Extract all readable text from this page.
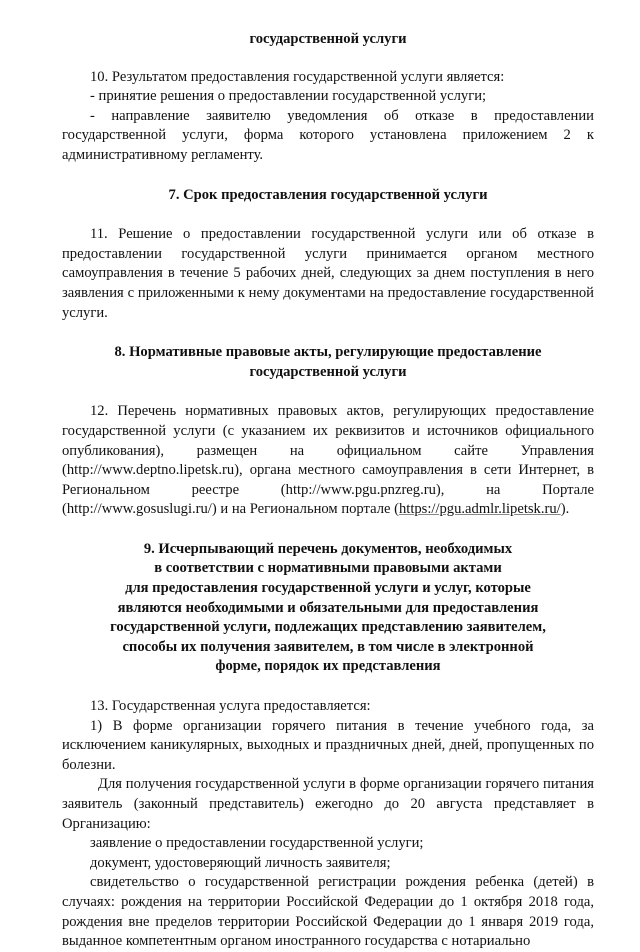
государственной услуги

10. Результатом предоставления государственной услуги является:

- принятие решения о предоставлении государственной услуги;

- направление заявителю уведомления об отказе в предоставлении государственной услуги, форма которого установлена приложением 2 к административному регламенту.

7. Срок предоставления государственной услуги

11. Решение о предоставлении государственной услуги или об отказе в предоставлении государственной услуги принимается органом местного самоуправления в течение 5 рабочих дней, следующих за днем поступления в него заявления с приложенными к нему документами на предоставление государственной услуги.

8. Нормативные правовые акты, регулирующие предоставление

государственной услуги

12. Перечень нормативных правовых актов, регулирующих предоставление государственной услуги (с указанием их реквизитов и источников официального опубликования), размещен на официальном сайте Управления (http://www.deptno.lipetsk.ru), органа местного самоуправления в сети Интернет, в Региональном реестре (http://www.pgu.pnzreg.ru), на Портале (http://www.gosuslugi.ru/) и на Региональном портале (https://pgu.admlr.lipetsk.ru/).

9. Исчерпывающий перечень документов, необходимых

в соответствии с нормативными правовыми актами

для предоставления государственной услуги и услуг, которые

являются необходимыми и обязательными для предоставления

государственной услуги, подлежащих представлению заявителем,

способы их получения заявителем, в том числе в электронной

форме, порядок их представления

13. Государственная услуга предоставляется:

1) В форме организации горячего питания в течение учебного года, за исключением каникулярных, выходных и праздничных дней, дней, пропущенных по болезни.

Для получения государственной услуги в форме организации горячего питания заявитель (законный представитель) ежегодно до 20 августа представляет в Организацию:

заявление о предоставлении государственной услуги;

документ, удостоверяющий личность заявителя;

свидетельство о государственной регистрации рождения ребенка (детей) в случаях: рождения на территории Российской Федерации до 1 октября 2018 года, рождения вне пределов территории Российской Федерации до 1 января 2019 года, выданное компетентным органом иностранного государства с нотариально
